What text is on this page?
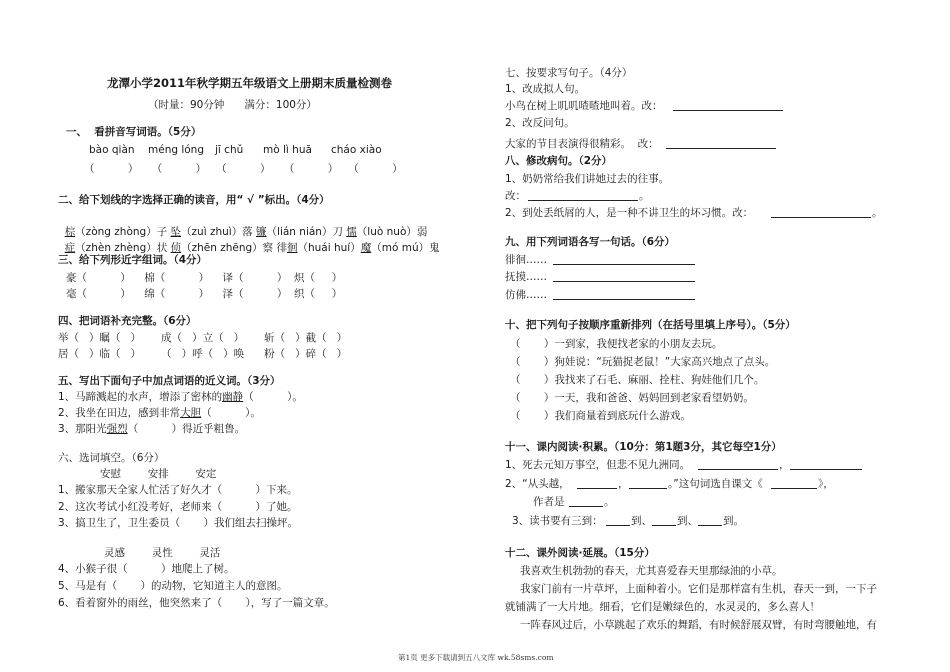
龙潭小学2011年秋学期五年级语文上册期末质量检测卷
（时量：90分钟      满分：100分）
一、  看拼音写词语。（5分）
bào qiàn méng lóng jī chǔ mò lì huā cháo xiào
（          ）    （          ）   （          ）    （          ）   （          ）
二、给下划线的字选择正确的读音，用“ √ ”标出。（4分）

棕（zòng zhòng）子 坠（zuì zhuì）落 镰（lián nián）刀 懦（luò nuò）弱

症（zhèn zhèng）状 侦（zhēn zhēng）察 徘徊（huái huí）魔（mó mú）鬼

三、给下列形近字组词。（4分）
豪（          ）    棉（          ）    译（          ）  炽（     ）
毫（          ）    绵（          ）    泽（          ）  织（     ）
四、把词语补充完整。（6分）
举（   ）瞩（   ）      成（   ）立（   ）      斩（   ）截（   ）
居（   ）临（   ）      （   ）呼（   ）唤      粉（   ）碎（   ）
五、写出下面句子中加点词语的近义词。（3分）
1、马蹄溅起的水声，增添了密林的幽静（          ）。
2、我坐在田边，感到非常大胆（          ）。
3、那阳光强烈（          ）得近乎粗鲁。
六、选词填空。（6分）
安慰        安排        安定
1、搬家那天全家人忙活了好久才（          ）下来。
2、这次考试小红没考好，老师来（          ）了她。
3、搞卫生了，卫生委员（       ）我们组去扫操坪。
灵感        灵性        灵活
4、小猴子很（          ）地爬上了树。
5、马是有（       ）的动物，它知道主人的意图。
6、看着窗外的雨丝，他突然来了（       ），写了一篇文章。
七、按要求写句子。（4分）
1、改成拟人句。
小鸟在树上叽叽喳喳地叫着。改：
2、改反问句。
大家的节目表演得很精彩。  改：
八、修改病句。（2分）
1、奶奶常给我们讲她过去的往事。
改：	。
2、到处丢纸屑的人，是一种不讲卫生的坏习惯。改：	。
九、用下列词语各写一句话。（6分）
徘徊……
抚摸……
仿佛……
十、把下列句子按顺序重新排列（在括号里填上序号）。（5分）
（       ）一到家，我便找老家的小朋友去玩。
（       ）狗娃说：“玩猫捉老鼠！”大家高兴地点了点头。
（       ）我找来了石毛、麻丽、拴柱、狗娃他们几个。
（       ）一天，我和爸爸、妈妈回到老家看望奶奶。
（       ）我们商量着到底玩什么游戏。
十一、课内阅读·积累。（10分：第1题3分，其它每空1分）
1、死去元知万事空，但悲不见九洲同。	，
2、“从头越，	，	。”这句词选自课文《	》，
作者是	。
3、读书要有三到：	到、 到、 到。
十二、课外阅读·延展。（15分）
我喜欢生机勃勃的春天，尤其喜爱春天里那绿油的小草。
我家门前有一片草坪，上面种着小。它们是那样富有生机，春天一到，一下子
就铺满了一大片地。细看，它们是嫩绿色的，水灵灵的，多么喜人！
一阵春风过后，小草跳起了欢乐的舞蹈，有时候舒展双臂，有时弯腰触地，有
第1页 更多下载请到五八文库 wk.58sms.com
